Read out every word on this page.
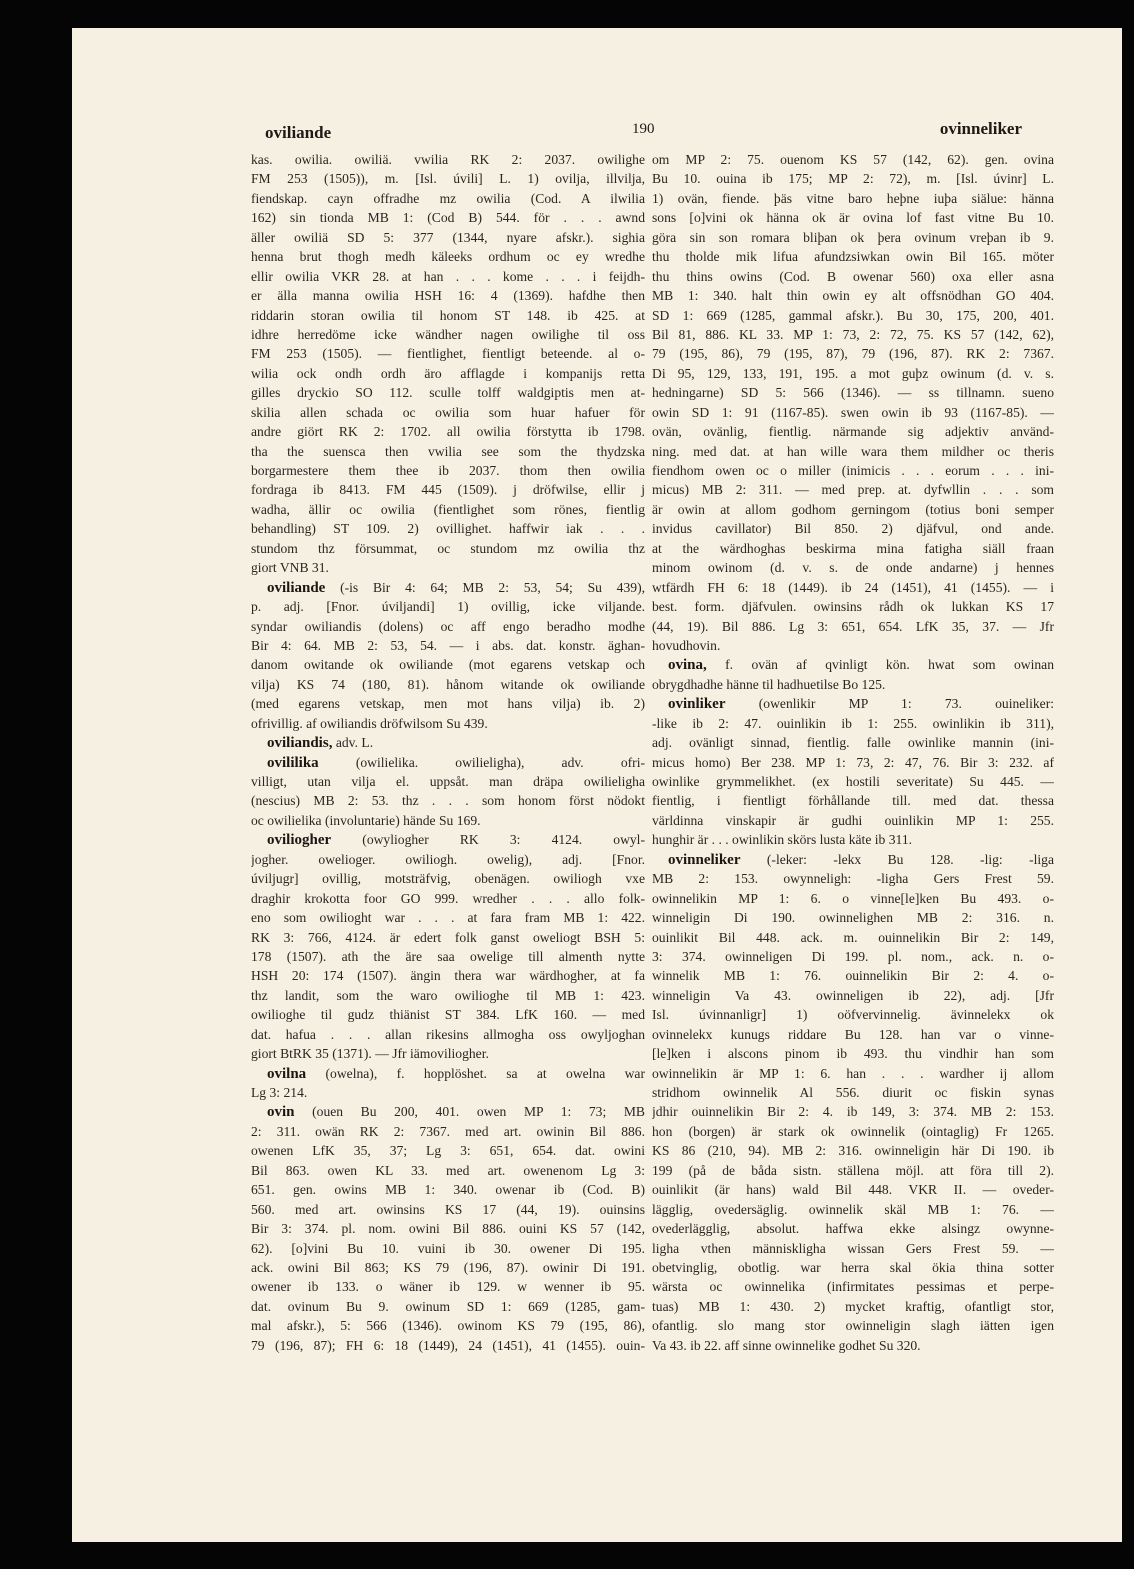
oviliande	190	ovinneliker
kas. owilia. owiliä. vwilia RK 2: 2037. owilighe
FM 253 (1505)), m. [Isl. úvili] L. 1) ovilja, illvilja,
fiendskap. cayn offradhe mz owilia (Cod. A ilwilia
162) sin tionda MB 1: (Cod B) 544. för . . . awnd
äller owiliä SD 5: 377 (1344, nyare afskr.). sighia
henna brut thogh medh käleeks ordhum oc ey wredhe
ellir owilia VKR 28. at han . . . kome . . . i feijdh-
er älla manna owilia HSH 16: 4 (1369). hafdhe then
riddarin storan owilia til honom ST 148. ib 425. at
idhre herredöme icke wändher nagen owilighe til oss
FM 253 (1505). — fientlighet, fientligt beteende. al o-
wilia ock ondh ordh äro afflagde i kompanijs retta
gilles dryckio SO 112. sculle tolff waldgiptis men at-
skilia allen schada oc owilia som huar hafuer för
andre giört RK 2: 1702. all owilia förstytta ib 1798.
tha the suensca then vwilia see som the thydzska
borgarmestere them thee ib 2037. thom then owilia
fordraga ib 8413. FM 445 (1509). j dröfwilse, ellir j
wadha, ällir oc owilia (fientlighet som rönes, fientlig
behandling) ST 109. 2) ovillighet. haffwir iak . . .
stundom thz försummat, oc stundom mz owilia thz
giort VNB 31.
oviliande (-is Bir 4: 64; MB 2: 53, 54; Su 439),
p. adj. [Fnor. úviljandi] 1) ovillig, icke viljande.
syndar owiliandis (dolens) oc aff engo beradho modhe
Bir 4: 64. MB 2: 53, 54. — i abs. dat. konstr. äghan-
danom owitande ok owiliande (mot egarens vetskap och
vilja) KS 74 (180, 81). hånom witande ok owiliande
(med egarens vetskap, men mot hans vilja) ib. 2)
ofrivillig. af owiliandis dröfwilsom Su 439.
oviliandis, adv. L.
ovililika (owilielika. owilieligha), adv. ofri-
villigt, utan vilja el. uppsåt. man dräpa owilieligha
(nescius) MB 2: 53. thz . . . som honom först nödokt
oc owilielika (involuntarie) hände Su 169.
oviliogher (owyliogher RK 3: 4124. owyl-
jogher. owelioger. owiliogh. owelig), adj. [Fnor.
úviljugr] ovillig, motsträfvig, obenägen. owiliogh vxe
draghir krokotta foor GO 999. wredher . . . allo folk-
eno som owilioght war . . . at fara fram MB 1: 422.
RK 3: 766, 4124. är edert folk ganst oweliogt BSH 5:
178 (1507). ath the äre saa owelige till almenth nytte
HSH 20: 174 (1507). ängin thera war wärdhogher, at fa
thz landit, som the waro owilioghe til MB 1: 423.
owilioghe til gudz thiänist ST 384. LfK 160. — med
dat. hafua . . . allan rikesins allmogha oss owyljoghan
giort BtRK 35 (1371). — Jfr iämoviliogher.
ovilna (owelna), f. hopplöshet. sa at owelna war
Lg 3: 214.
ovin (ouen Bu 200, 401. owen MP 1: 73; MB
2: 311. owän RK 2: 7367. med art. owinin Bil 886.
owenen LfK 35, 37; Lg 3: 651, 654. dat. owini
Bil 863. owen KL 33. med art. owenenom Lg 3:
651. gen. owins MB 1: 340. owenar ib (Cod. B)
560. med art. owinsins KS 17 (44, 19). ouinsins
Bir 3: 374. pl. nom. owini Bil 886. ouini KS 57 (142,
62). [o]vini Bu 10. vuini ib 30. owener Di 195.
ack. owini Bil 863; KS 79 (196, 87). owinir Di 191.
owener ib 133. o wäner ib 129. w wenner ib 95.
dat. ovinum Bu 9. owinum SD 1: 669 (1285, gam-
mal afskr.), 5: 566 (1346). owinom KS 79 (195, 86),
79 (196, 87); FH 6: 18 (1449), 24 (1451), 41 (1455). ouin-
om MP 2: 75. ouenom KS 57 (142, 62). gen. ovina
Bu 10. ouina ib 175; MP 2: 72), m. [Isl. úvinr] L.
1) ovän, fiende. þäs vitne baro heþne iuþa siälue: hänna
sons [o]vini ok hänna ok är ovina lof fast vitne Bu 10.
göra sin son romara bliþan ok þera ovinum vreþan ib 9.
thu tholde mik lifua afundzsiwkan owin Bil 165. möter
thu thins owins (Cod. B owenar 560) oxa eller asna
MB 1: 340. halt thin owin ey alt offsnödhan GO 404.
SD 1: 669 (1285, gammal afskr.). Bu 30, 175, 200, 401.
Bil 81, 886. KL 33. MP 1: 73, 2: 72, 75. KS 57 (142, 62),
79 (195, 86), 79 (195, 87), 79 (196, 87). RK 2: 7367.
Di 95, 129, 133, 191, 195. a mot guþz owinum (d. v. s.
hedningarne) SD 5: 566 (1346). — ss tillnamn. sueno
owin SD 1: 91 (1167-85). swen owin ib 93 (1167-85). —
ovän, ovänlig, fientlig. närmande sig adjektiv använd-
ning. med dat. at han wille wara them mildher oc theris
fiendhom owen oc o miller (inimicis . . . eorum . . . ini-
micus) MB 2: 311. — med prep. at. dyfwllin . . . som
är owin at allom godhom gerningom (totius boni semper
invidus cavillator) Bil 850. 2) djäfvul, ond ande.
at the wärdhoghas beskirma mina fatigha siäll fraan
minom owinom (d. v. s. de onde andarne) j hennes
wtfärdh FH 6: 18 (1449). ib 24 (1451), 41 (1455). — i
best. form. djäfvulen. owinsins rådh ok lukkan KS 17
(44, 19). Bil 886. Lg 3: 651, 654. LfK 35, 37. — Jfr
hovudhovin.
ovina, f. ovän af qvinligt kön. hwat som owinan
obrygdhadhe hänne til hadhuetilse Bo 125.
ovinliker (owenlikir MP 1: 73. ouineliker:
-like ib 2: 47. ouinlikin ib 1: 255. owinlikin ib 311),
adj. ovänligt sinnad, fientlig. falle owinlike mannin (ini-
micus homo) Ber 238. MP 1: 73, 2: 47, 76. Bir 3: 232. af
owinlike grymmelikhet. (ex hostili severitate) Su 445. —
fientlig, i fientligt förhållande till. med dat. thessa
världinna vinskapir är gudhi ouinlikin MP 1: 255.
hunghir är . . . owinlikin skörs lusta käte ib 311.
ovinneliker (-leker: -lekx Bu 128. -lig: -liga
MB 2: 153. owynneligh: -ligha Gers Frest 59.
owinnelikin MP 1: 6. o vinne[le]ken Bu 493. o-
winneligin Di 190. owinnelighen MB 2: 316. n.
ouinlikit Bil 448. ack. m. ouinnelikin Bir 2: 149,
3: 374. owinneligen Di 199. pl. nom., ack. n. o-
winnelik MB 1: 76. ouinnelikin Bir 2: 4. o-
winneligin Va 43. owinneligen ib 22), adj. [Jfr
Isl. úvinnanligr] 1) oöfvervinnelig. ävinnelekx ok
ovinnelekx kunugs riddare Bu 128. han var o vinne-
[le]ken i alscons pinom ib 493. thu vindhir han som
owinnelikin är MP 1: 6. han . . . wardher ij allom
stridhom owinnelik Al 556. diurit oc fiskin synas
jdhir ouinnelikin Bir 2: 4. ib 149, 3: 374. MB 2: 153.
hon (borgen) är stark ok owinnelik (ointaglig) Fr 1265.
KS 86 (210, 94). MB 2: 316. owinneligin här Di 190. ib
199 (på de båda sistn. ställena möjl. att föra till 2).
ouinlikit (är hans) wald Bil 448. VKR II. — oveder-
lägglig, ovedersäglig. owinnelik skäl MB 1: 76. —
ovederlägglig, absolut. haffwa ekke alsingz owynne-
ligha vthen människligha wissan Gers Frest 59. —
obetvinglig, obotlig. war herra skal ökia thina sotter
wärsta oc owinnelika (infirmitates pessimas et perpe-
tuas) MB 1: 430. 2) mycket kraftig, ofantligt stor,
ofantlig. slo mang stor owinneligin slagh iätten igen
Va 43. ib 22. aff sinne owinnelike godhet Su 320.
